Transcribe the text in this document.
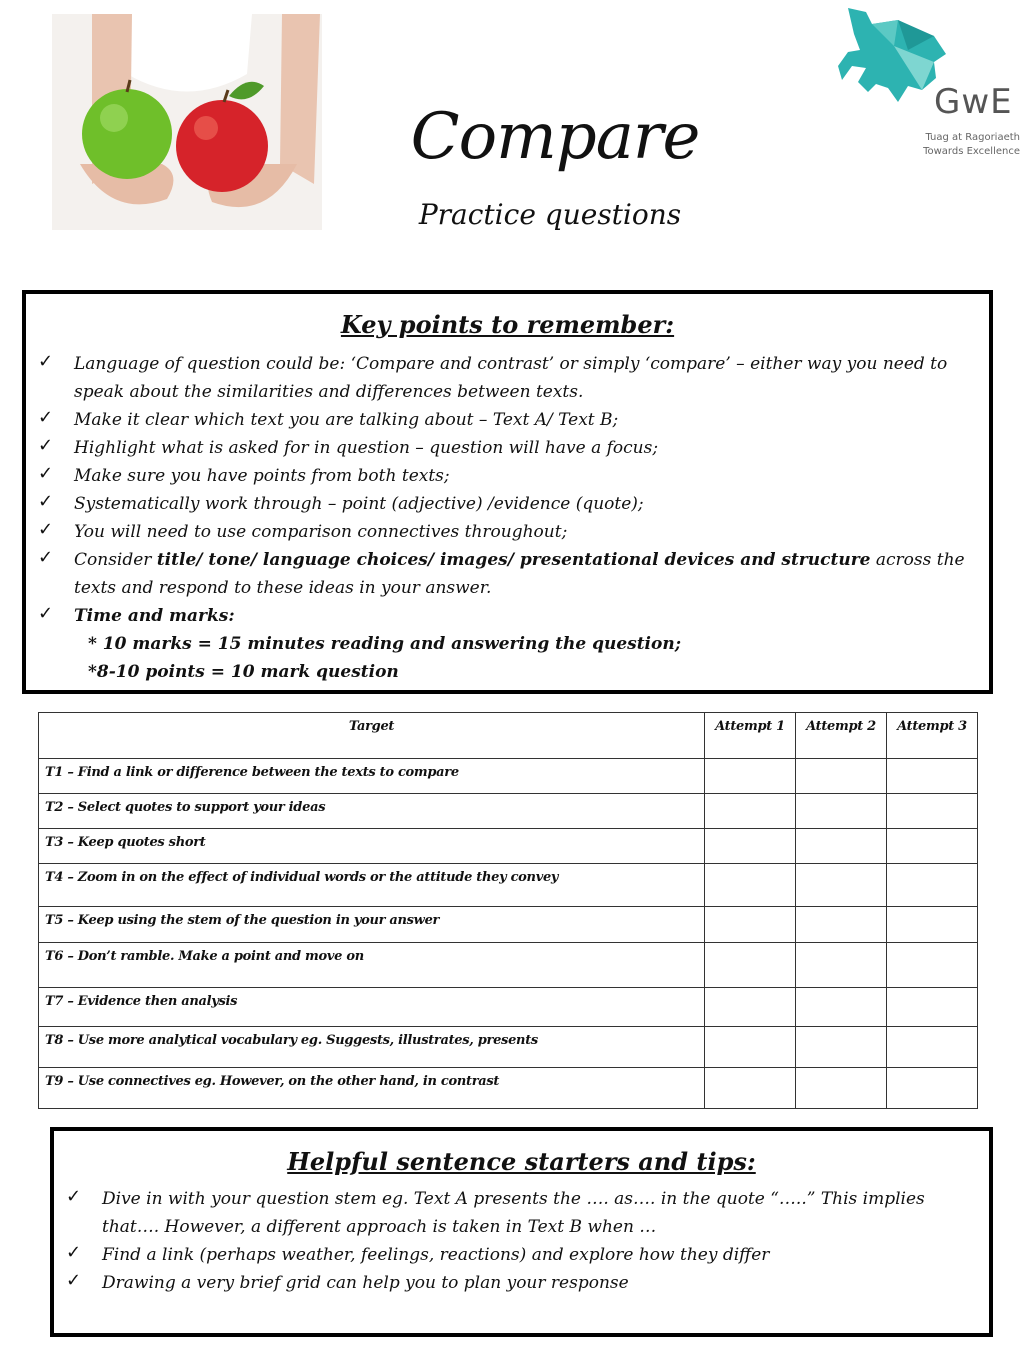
GwE
Tuag at Ragoriaeth
Towards Excellence
Compare
Practice questions
Key points to remember:
✓ Language of question could be: ‘Compare and contrast’ or simply ‘compare’ – either way you need to speak about the similarities and differences between texts.
✓ Make it clear which text you are talking about – Text A/ Text B;
✓ Highlight what is asked for in question – question will have a focus;
✓ Make sure you have points from both texts;
✓ Systematically work through – point (adjective) /evidence (quote);
✓ You will need to use comparison connectives throughout;
✓ Consider title/ tone/ language choices/ images/ presentational devices and structure across the texts and respond to these ideas in your answer.
✓ Time and marks:
* 10 marks = 15 minutes reading and answering the question;
*8-10 points = 10 mark question
Target	Attempt 1	Attempt 2	Attempt 3
T1 – Find a link or difference between the texts to compare			
T2 – Select quotes to support your ideas			
T3 – Keep quotes short			
T4 – Zoom in on the effect of individual words or the attitude they convey			
T5 – Keep using the stem of the question in your answer			
T6 – Don’t ramble. Make a point and move on			
T7 – Evidence then analysis			
T8 – Use more analytical vocabulary eg. Suggests, illustrates, presents			
T9 – Use connectives eg. However, on the other hand, in contrast			
Helpful sentence starters and tips:
✓ Dive in with your question stem eg. Text A presents the …. as…. in the quote “…..” This implies that…. However, a different approach is taken in Text B when …
✓ Find a link (perhaps weather, feelings, reactions) and explore how they differ
✓ Drawing a very brief grid can help you to plan your response
